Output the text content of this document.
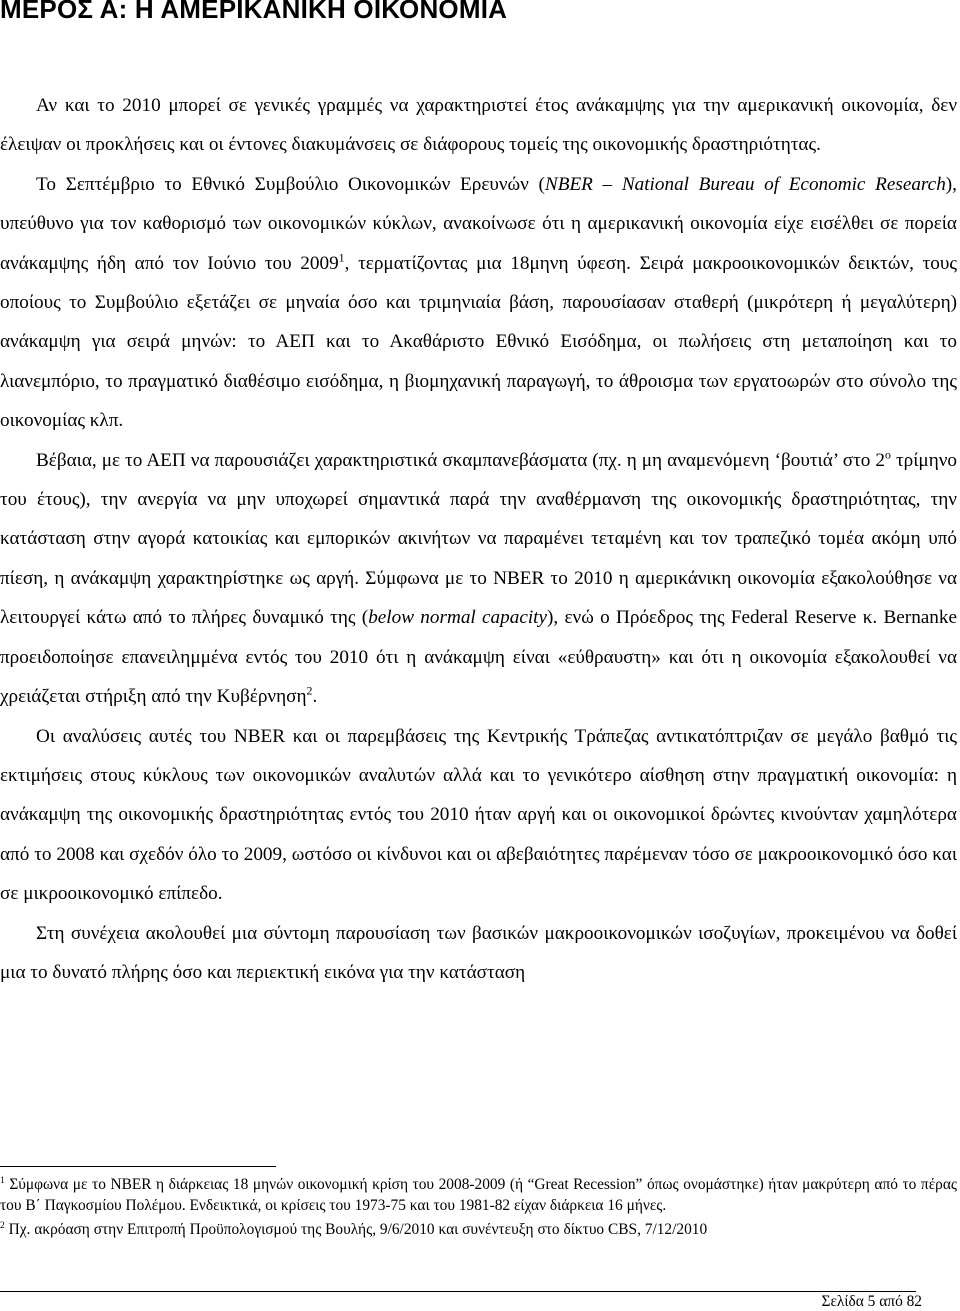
ΜΕΡΟΣ Α: Η ΑΜΕΡΙΚΑΝΙΚΗ ΟΙΚΟΝΟΜΙΑ

Αν και το 2010 μπορεί σε γενικές γραμμές να χαρακτηριστεί έτος ανάκαμψης για την αμερικανική οικονομία, δεν έλειψαν οι προκλήσεις και οι έντονες διακυμάνσεις σε διάφορους τομείς της οικονομικής δραστηριότητας.

Το Σεπτέμβριο το Εθνικό Συμβούλιο Οικονομικών Ερευνών (NBER – National Bureau of Economic Research), υπεύθυνο για τον καθορισμό των οικονομικών κύκλων, ανακοίνωσε ότι η αμερικανική οικονομία είχε εισέλθει σε πορεία ανάκαμψης ήδη από τον Ιούνιο του 2009$^1$, τερματίζοντας μια 18μηνη ύφεση. Σειρά μακροοικονομικών δεικτών, τους οποίους το Συμβούλιο εξετάζει σε μηναία όσο και τριμηνιαία βάση, παρουσίασαν σταθερή (μικρότερη ή μεγαλύτερη) ανάκαμψη για σειρά μηνών: το ΑΕΠ και το Ακαθάριστο Εθνικό Εισόδημα, οι πωλήσεις στη μεταποίηση και το λιανεμπόριο, το πραγματικό διαθέσιμο εισόδημα, η βιομηχανική παραγωγή, το άθροισμα των εργατοωρών στο σύνολο της οικονομίας κλπ.

Βέβαια, με το ΑΕΠ να παρουσιάζει χαρακτηριστικά σκαμπανεβάσματα (πχ. η μη αναμενόμενη ‘βουτιά’ στο $2^o$ τρίμηνο του έτους), την ανεργία να μην υποχωρεί σημαντικά παρά την αναθέρμανση της οικονομικής δραστηριότητας, την κατάσταση στην αγορά κατοικίας και εμπορικών ακινήτων να παραμένει τεταμένη και τον τραπεζικό τομέα ακόμη υπό πίεση, η ανάκαμψη χαρακτηρίστηκε ως αργή. Σύμφωνα με το NBER το 2010 η αμερικάνικη οικονομία εξακολούθησε να λειτουργεί κάτω από το πλήρες δυναμικό της (below normal capacity), ενώ ο Πρόεδρος της Federal Reserve κ. Bernanke προειδοποίησε επανειλημμένα εντός του 2010 ότι η ανάκαμψη είναι «εύθραυστη» και ότι η οικονομία εξακολουθεί να χρειάζεται στήριξη από την Κυβέρνηση$^2$.

Οι αναλύσεις αυτές του NBER και οι παρεμβάσεις της Κεντρικής Τράπεζας αντικατόπτριζαν σε μεγάλο βαθμό τις εκτιμήσεις στους κύκλους των οικονομικών αναλυτών αλλά και το γενικότερο αίσθηση στην πραγματική οικονομία: η ανάκαμψη της οικονομικής δραστηριότητας εντός του 2010 ήταν αργή και οι οικονομικοί δρώντες κινούνταν χαμηλότερα από το 2008 και σχεδόν όλο το 2009, ωστόσο οι κίνδυνοι και οι αβεβαιότητες παρέμεναν τόσο σε μακροοικονομικό όσο και σε μικροοικονομικό επίπεδο.

Στη συνέχεια ακολουθεί μια σύντομη παρουσίαση των βασικών μακροοικονομικών ισοζυγίων, προκειμένου να δοθεί μια το δυνατό πλήρης όσο και περιεκτική εικόνα για την κατάσταση

$^1$ Σύμφωνα με το NBER η διάρκειας 18 μηνών οικονομική κρίση του 2008-2009 (ή “Great Recession” όπως ονομάστηκε) ήταν μακρύτερη από το πέρας του Β΄ Παγκοσμίου Πολέμου. Ενδεικτικά, οι κρίσεις του 1973-75 και του 1981-82 είχαν διάρκεια 16 μήνες.

$^2$ Πχ. ακρόαση στην Επιτροπή Προϋπολογισμού της Βουλής, 9/6/2010 και συνέντευξη στο δίκτυο CBS, 7/12/2010

Σελίδα 5 από 82
